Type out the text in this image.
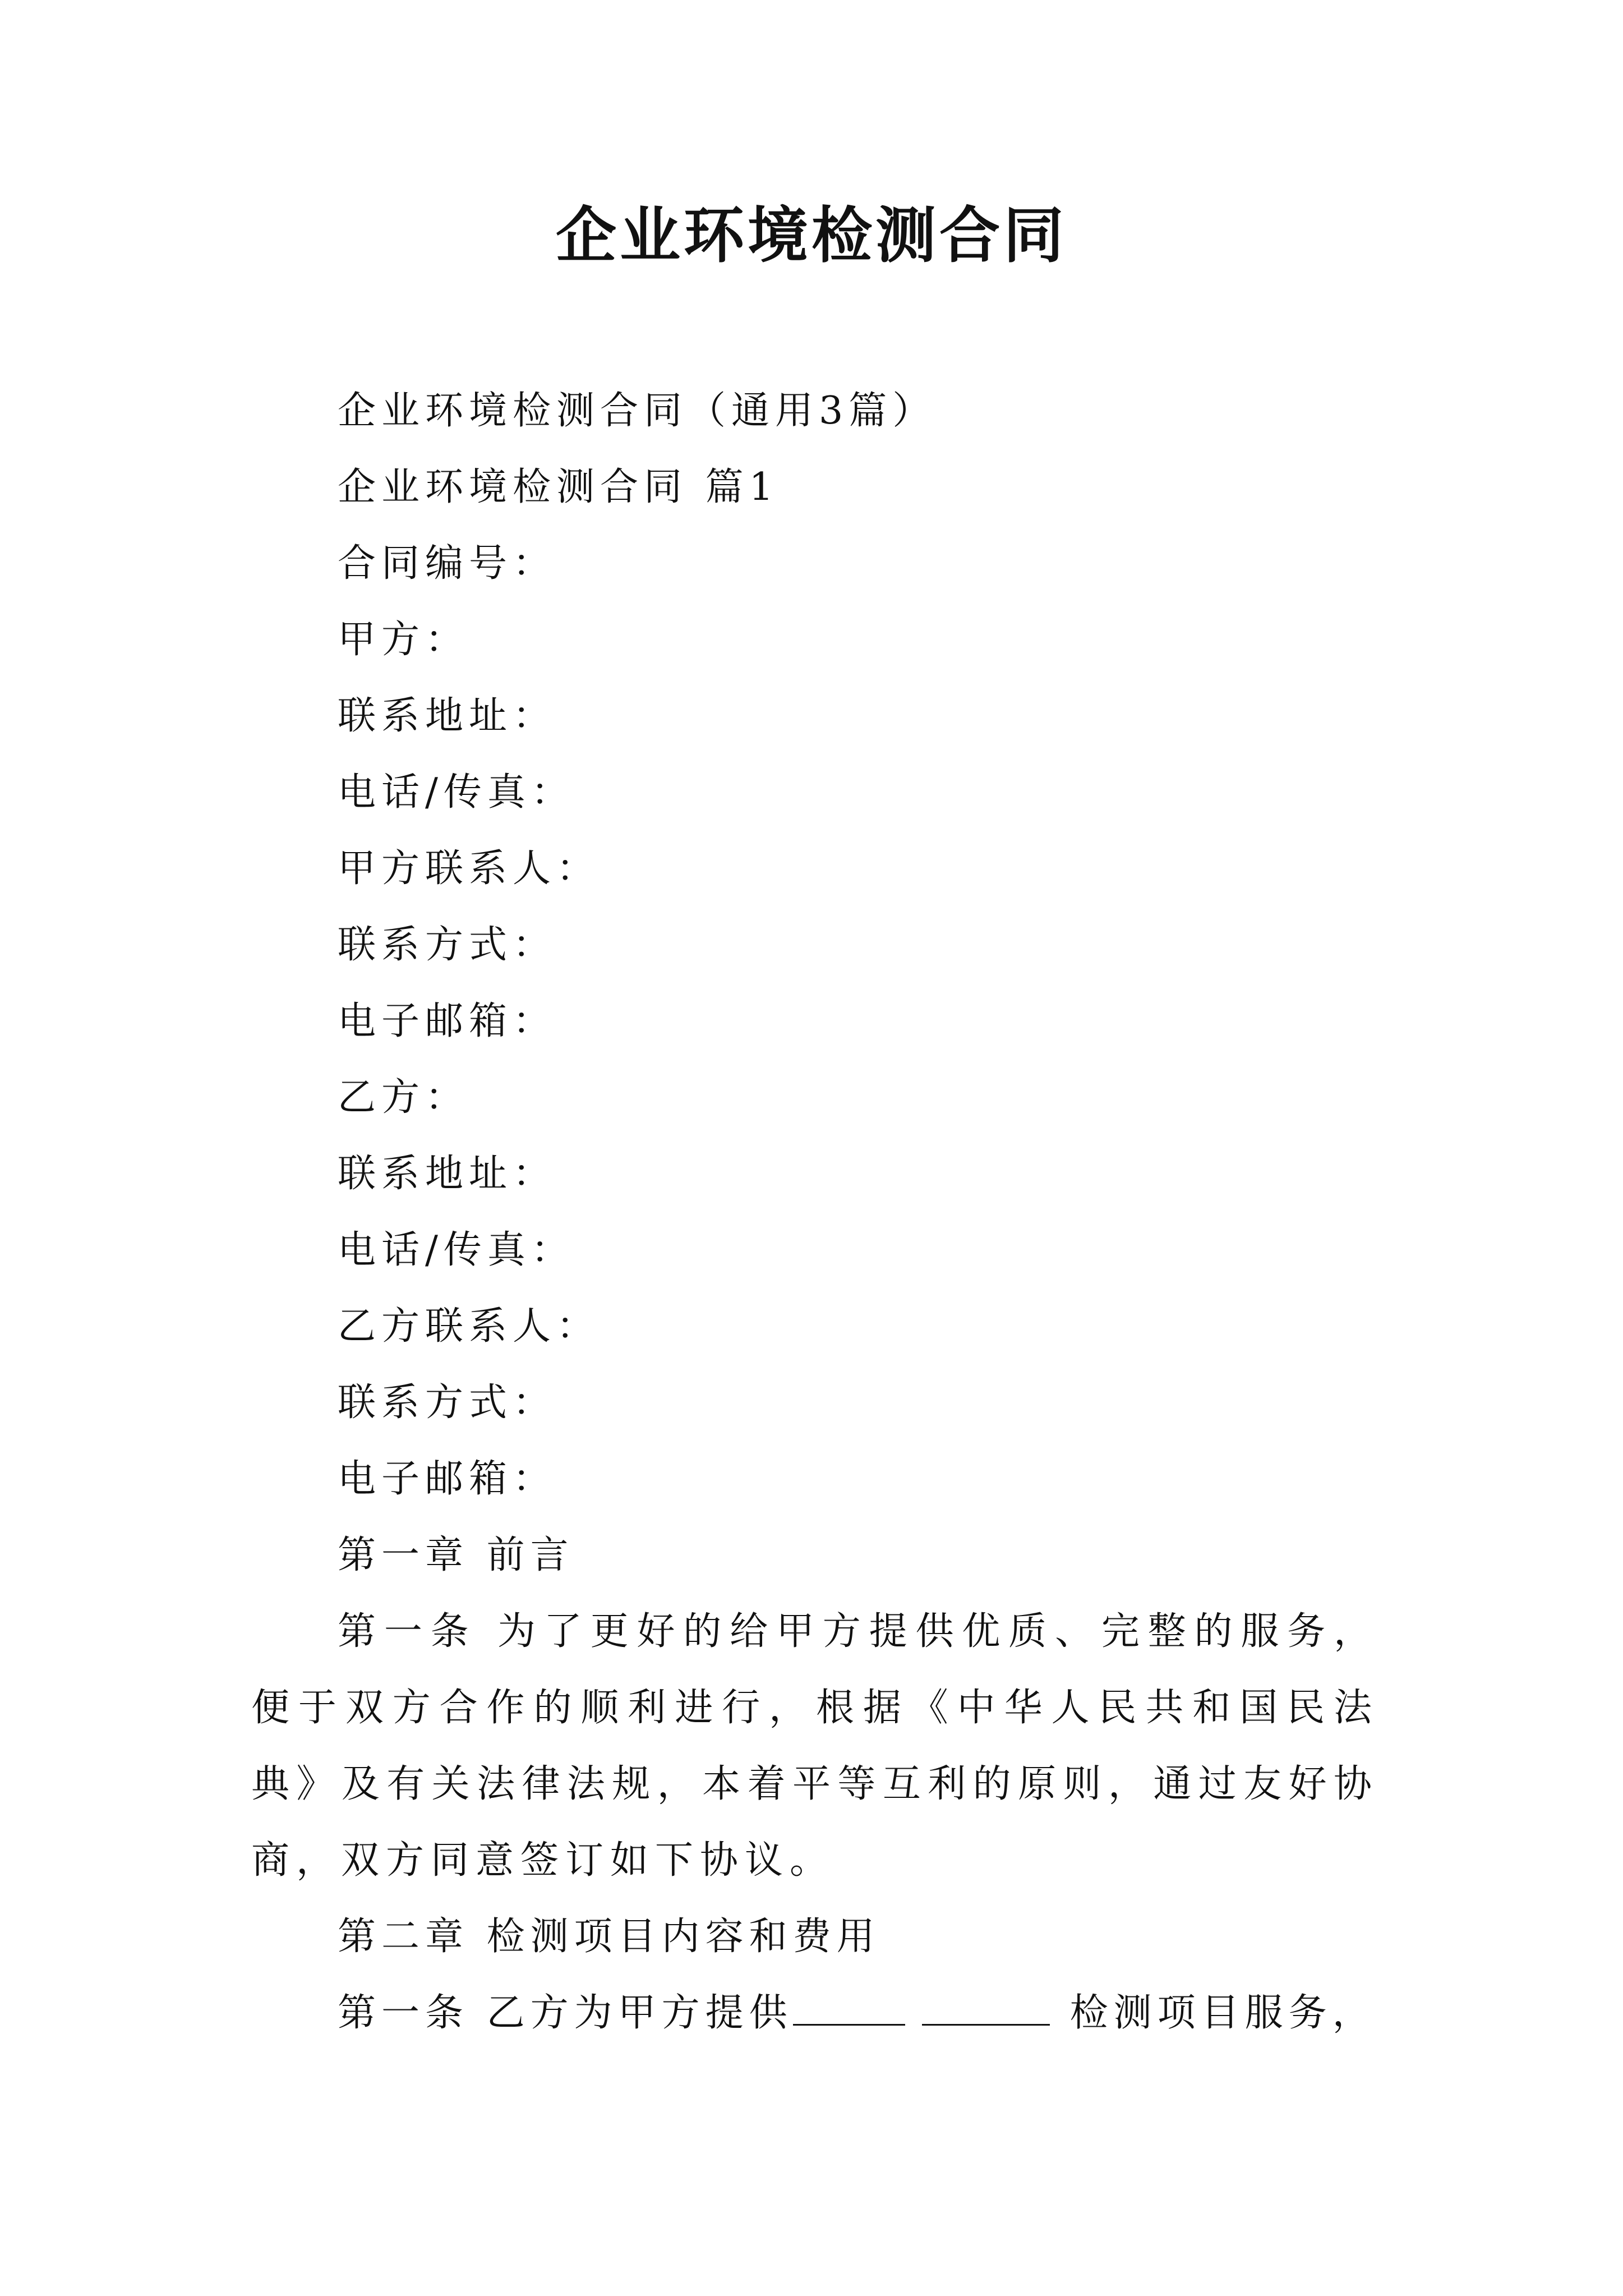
企业环境检测合同

企业环境检测合同（通用3篇）

企业环境检测合同 篇1

合同编号：

甲方：

联系地址：

电话/传真：

甲方联系人：

联系方式：

电子邮箱：

乙方：

联系地址：

电话/传真：

乙方联系人：

联系方式：

电子邮箱：

第一章 前言

第一条 为了更好的给甲方提供优质、完整的服务，便于双方合作的顺利进行，根据《中华人民共和国民法典》及有关法律法规，本着平等互利的原则，通过友好协商，双方同意签订如下协议。

第二章 检测项目内容和费用

第一条 乙方为甲方提供	检测项目服务，
